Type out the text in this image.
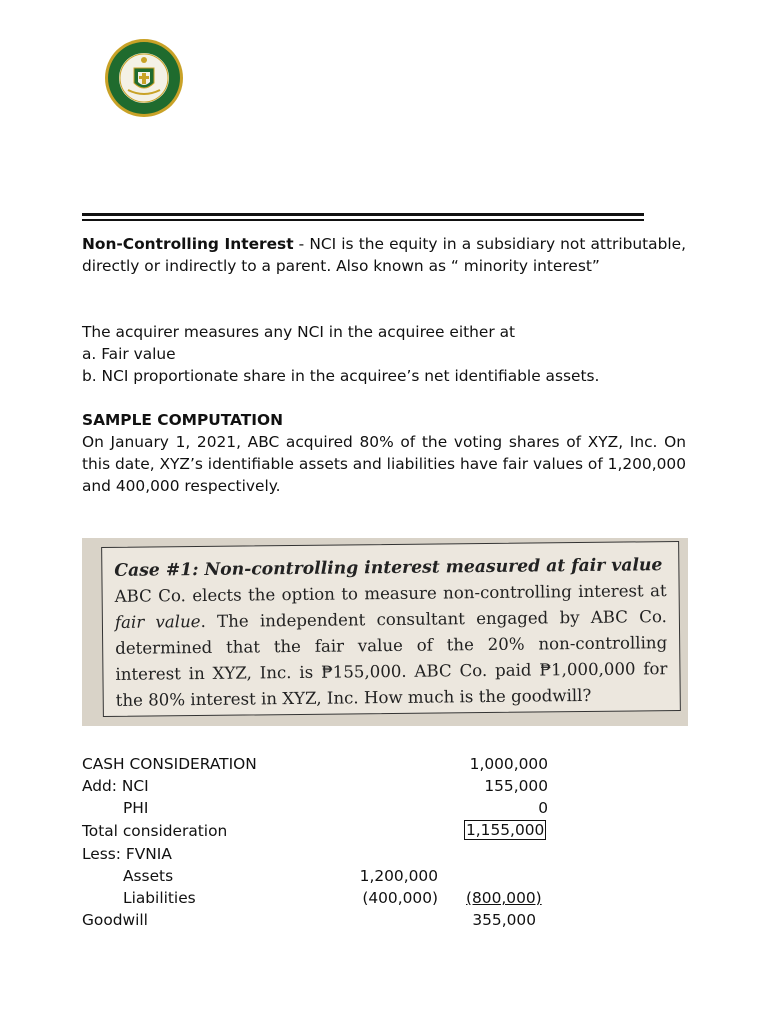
Non-Controlling Interest - NCI is the equity in a subsidiary not attributable, directly or indirectly to a parent. Also known as “ minority interest”
The acquirer measures any NCI in the acquiree either at
a. Fair value
b. NCI proportionate share in the acquiree’s net identifiable assets.
SAMPLE COMPUTATION
On January 1, 2021, ABC acquired 80% of the voting shares of XYZ, Inc. On this date, XYZ’s identifiable assets and liabilities have fair values of 1,200,000 and 400,000 respectively.
Case #1: Non-controlling interest measured at fair value
ABC Co. elects the option to measure non-controlling interest at fair value. The independent consultant engaged by ABC Co. determined that the fair value of the 20% non-controlling interest in XYZ, Inc. is ₱155,000. ABC Co. paid ₱1,000,000 for the 80% interest in XYZ, Inc. How much is the goodwill?
CASH CONSIDERATION	1,000,000
Add: NCI	155,000
PHI	0
Total consideration	1,155,000
Less: FVNIA
Assets	1,200,000
Liabilities	(400,000) (800,000)
Goodwill	355,000
